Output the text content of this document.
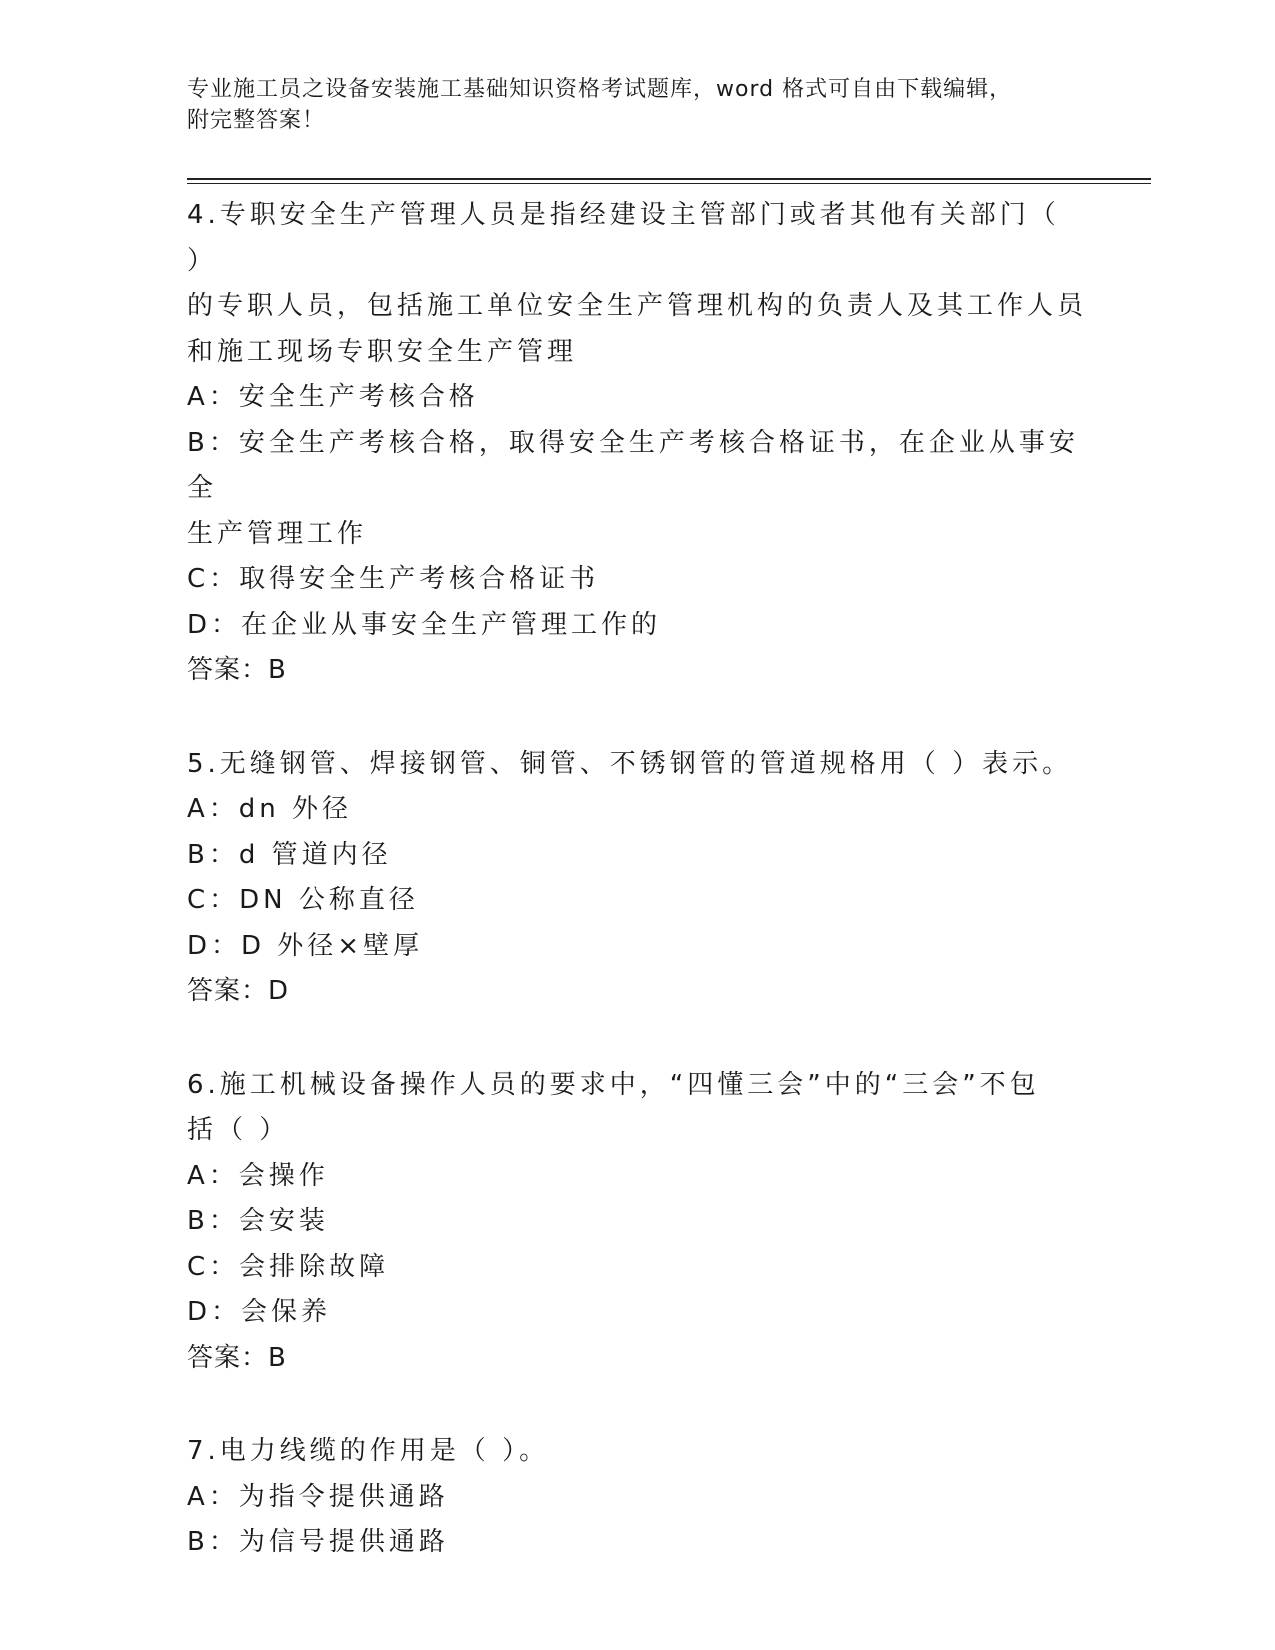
专业施工员之设备安装施工基础知识资格考试题库，word 格式可自由下载编辑，
附完整答案！

4.专职安全生产管理人员是指经建设主管部门或者其他有关部门（ ）

的专职人员，包括施工单位安全生产管理机构的负责人及其工作人员

和施工现场专职安全生产管理

A：安全生产考核合格

B：安全生产考核合格，取得安全生产考核合格证书，在企业从事安全

生产管理工作

C：取得安全生产考核合格证书

D：在企业从事安全生产管理工作的

答案：B

5.无缝钢管、焊接钢管、铜管、不锈钢管的管道规格用（ ）表示。

A：dn 外径

B：d 管道内径

C：DN 公称直径

D：D 外径×壁厚

答案：D

6.施工机械设备操作人员的要求中，“四懂三会”中的“三会”不包

括（ ）

A：会操作

B：会安装

C：会排除故障

D：会保养

答案：B

7.电力线缆的作用是（ ）。

A：为指令提供通路

B：为信号提供通路
